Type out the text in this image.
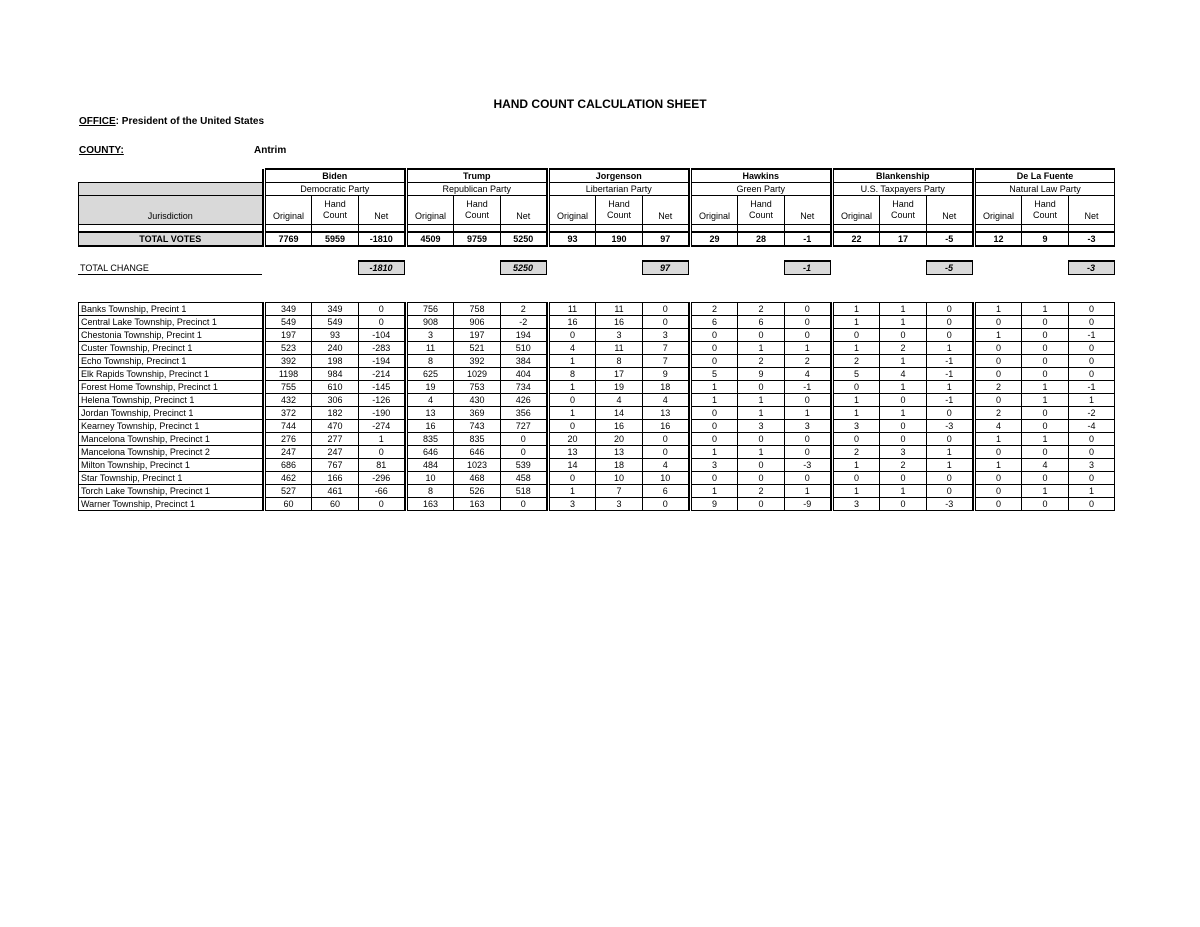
HAND COUNT CALCULATION SHEET
OFFICE: President of the United States
COUNTY:	Antrim
		Biden				Trump				Jorgenson				Hawkins				Blankenship				De La Fuente		
		Democratic Party				Republican Party				Libertarian Party				Green Party				U.S. Taxpayers Party				Natural Law Party		
Jurisdiction		Original	Hand
Count	Net		Original	Hand
Count	Net		Original	Hand
Count	Net		Original	Hand
Count	Net		Original	Hand
Count	Net		Original	Hand
Count	Net

TOTAL VOTES		7769	5959	-1810		4509	9759	5250		93	190	97		29	28	-1		22	17	-5		12	9	-3
TOTAL CHANGE				-1810				5250				97				-1				-5				-3
Banks Township, Precint 1		349	349	0		756	758	2		11	11	0		2	2	0		1	1	0		1	1	0
Central Lake Township, Precinct 1		549	549	0		908	906	-2		16	16	0		6	6	0		1	1	0		0	0	0
Chestonia Township, Precint 1		197	93	-104		3	197	194		0	3	3		0	0	0		0	0	0		1	0	-1
Custer Township, Precinct 1		523	240	-283		11	521	510		4	11	7		0	1	1		1	2	1		0	0	0
Echo Township, Precinct 1		392	198	-194		8	392	384		1	8	7		0	2	2		2	1	-1		0	0	0
Elk Rapids Township, Precinct 1		1198	984	-214		625	1029	404		8	17	9		5	9	4		5	4	-1		0	0	0
Forest Home Township, Precinct 1		755	610	-145		19	753	734		1	19	18		1	0	-1		0	1	1		2	1	-1
Helena Township, Precinct 1		432	306	-126		4	430	426		0	4	4		1	1	0		1	0	-1		0	1	1
Jordan Township, Precinct 1		372	182	-190		13	369	356		1	14	13		0	1	1		1	1	0		2	0	-2
Kearney Township, Precinct 1		744	470	-274		16	743	727		0	16	16		0	3	3		3	0	-3		4	0	-4
Mancelona Township, Precinct 1		276	277	1		835	835	0		20	20	0		0	0	0		0	0	0		1	1	0
Mancelona Township, Precinct 2		247	247	0		646	646	0		13	13	0		1	1	0		2	3	1		0	0	0
Milton Township, Precinct 1		686	767	81		484	1023	539		14	18	4		3	0	-3		1	2	1		1	4	3
Star Township, Precinct 1		462	166	-296		10	468	458		0	10	10		0	0	0		0	0	0		0	0	0
Torch Lake Township, Precinct 1		527	461	-66		8	526	518		1	7	6		1	2	1		1	1	0		0	1	1
Warner Township, Precinct 1		60	60	0		163	163	0		3	3	0		9	0	-9		3	0	-3		0	0	0
